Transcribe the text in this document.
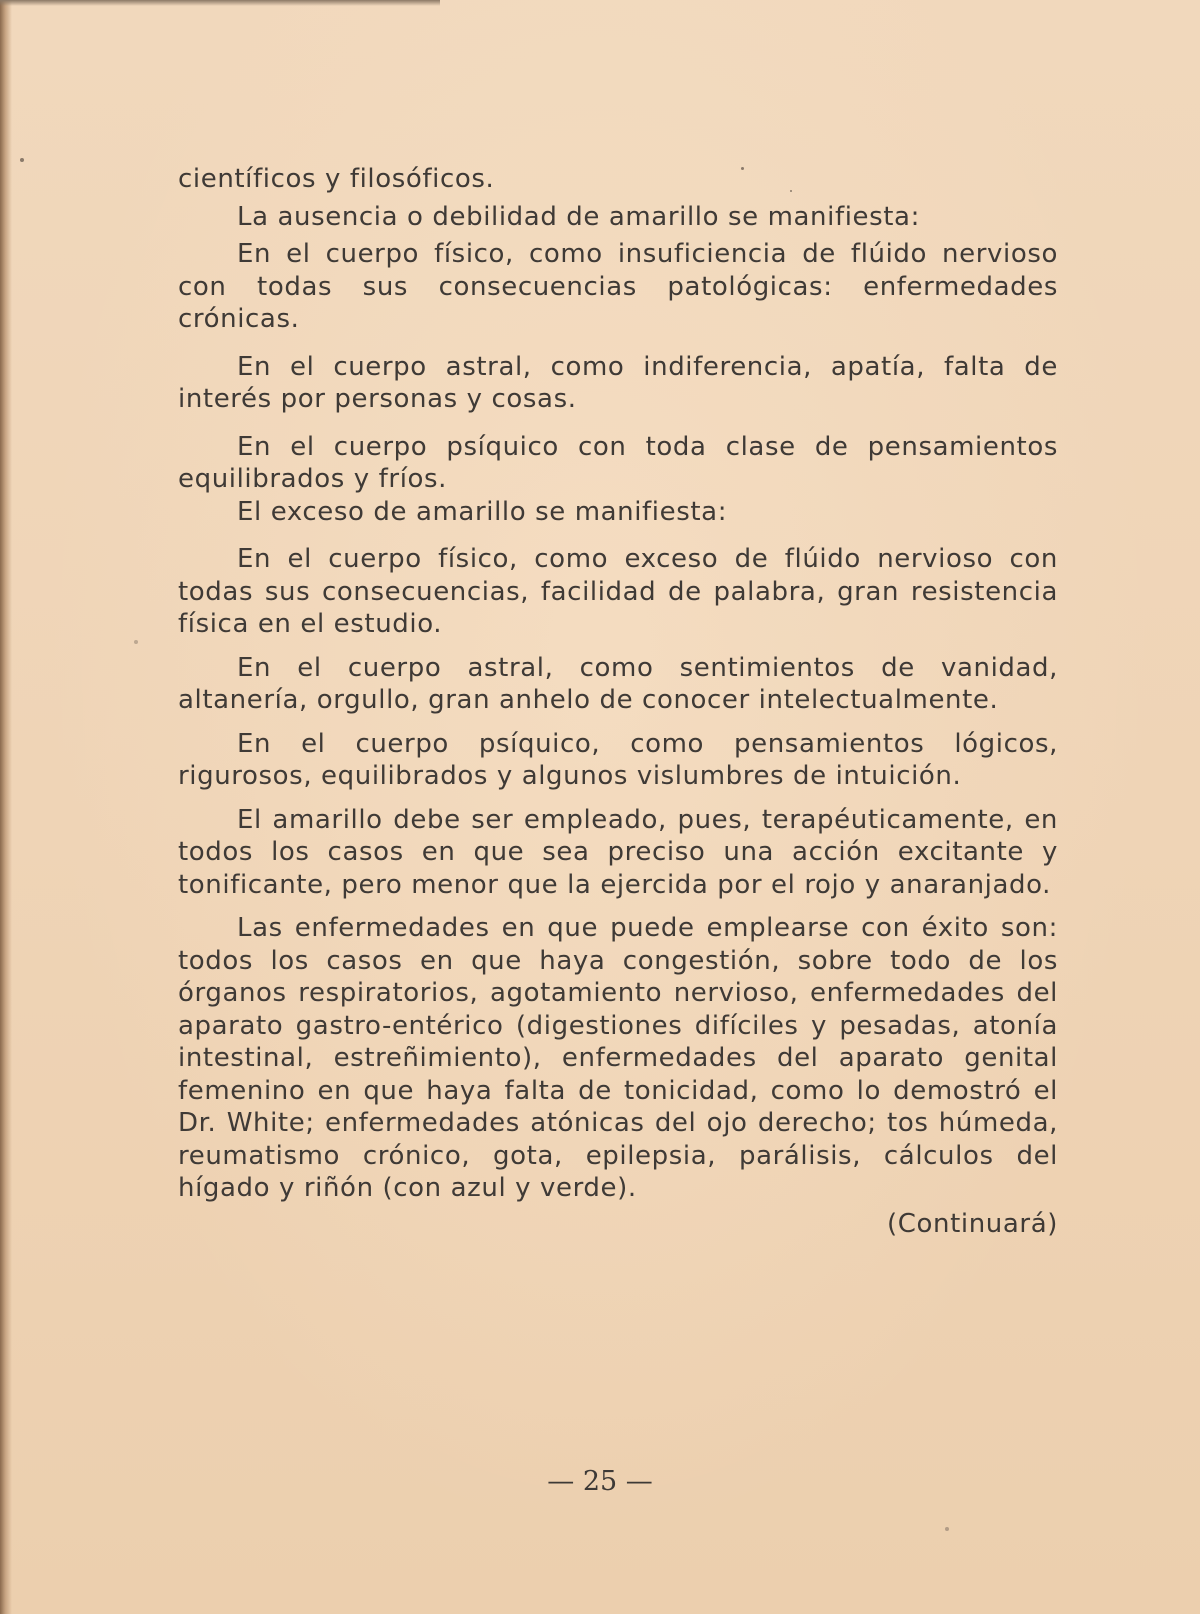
científicos y filosóficos.

La ausencia o debilidad de amarillo se manifiesta:

En el cuerpo físico, como insuficiencia de flúido nervioso con todas sus consecuencias patológicas: enfermedades crónicas.

En el cuerpo astral, como indiferencia, apatía, falta de interés por personas y cosas.

En el cuerpo psíquico con toda clase de pensamientos equilibrados y fríos.

El exceso de amarillo se manifiesta:

En el cuerpo físico, como exceso de flúido nervioso con todas sus consecuencias, facilidad de palabra, gran resistencia física en el estudio.

En el cuerpo astral, como sentimientos de vanidad, altanería, orgullo, gran anhelo de conocer intelectualmente.

En el cuerpo psíquico, como pensamientos lógicos, rigurosos, equilibrados y algunos vislumbres de intuición.

El amarillo debe ser empleado, pues, terapéuticamente, en todos los casos en que sea preciso una acción excitante y tonificante, pero menor que la ejercida por el rojo y anaranjado.

Las enfermedades en que puede emplearse con éxito son: todos los casos en que haya congestión, sobre todo de los órganos respiratorios, agotamiento nervioso, enfermedades del aparato gastro-entérico (digestiones difíciles y pesadas, atonía intestinal, estreñimiento), enfermedades del aparato genital femenino en que haya falta de tonicidad, como lo demostró el Dr. White; enfermedades atónicas del ojo derecho; tos húmeda, reumatismo crónico, gota, epilepsia, parálisis, cálculos del hígado y riñón (con azul y verde).

(Continuará)

— 25 —
